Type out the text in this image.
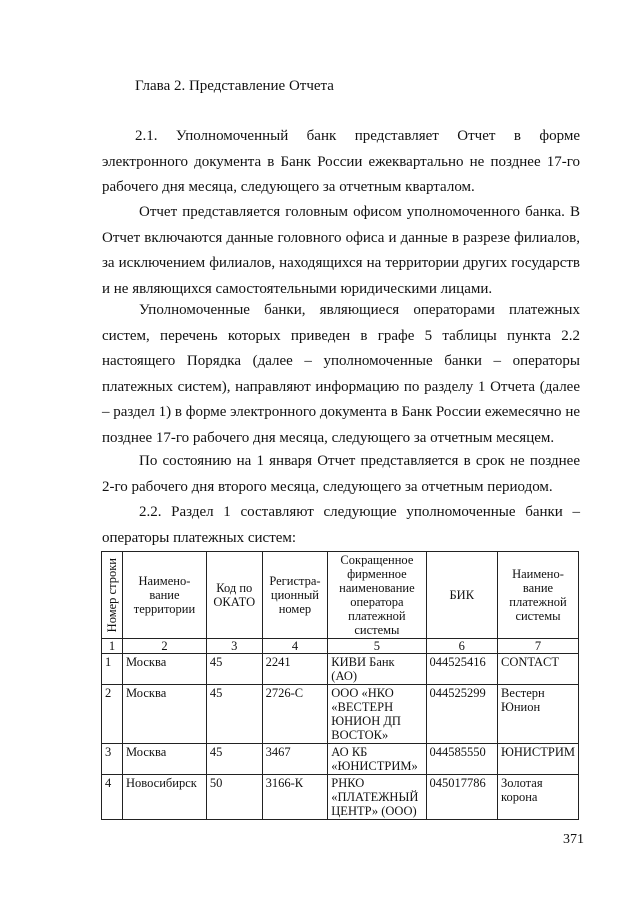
Глава 2. Представление Отчета

2.1. Уполномоченный банк представляет Отчет в форме электронного документа в Банк России ежеквартально не позднее 17-го рабочего дня месяца, следующего за отчетным кварталом.

Отчет представляется головным офисом уполномоченного банка. В Отчет включаются данные головного офиса и данные в разрезе филиалов, за исключением филиалов, находящихся на территории других государств и не являющихся самостоятельными юридическими лицами.

Уполномоченные банки, являющиеся операторами платежных систем, перечень которых приведен в графе 5 таблицы пункта 2.2 настоящего Порядка (далее – уполномоченные банки – операторы платежных систем), направляют информацию по разделу 1 Отчета (далее – раздел 1) в форме электронного документа в Банк России ежемесячно не позднее 17-го рабочего дня месяца, следующего за отчетным месяцем.

По состоянию на 1 января Отчет представляется в срок не позднее 2-го рабочего дня второго месяца, следующего за отчетным периодом.

2.2. Раздел 1 составляют следующие уполномоченные банки – операторы платежных систем:

Номер строки	Наимено-вание территории	Код по ОКАТО	Регистра-ционный номер	Сокращенное фирменное наименование оператора платежной системы	БИК	Наимено-вание платежной системы
1	2	3	4	5	6	7
1	Москва	45	2241	КИВИ Банк (АО)	044525416	CONTACT
2	Москва	45	2726-С	ООО «НКО «ВЕСТЕРН ЮНИОН ДП ВОСТОК»	044525299	Вестерн Юнион
3	Москва	45	3467	АО КБ «ЮНИСТРИМ»	044585550	ЮНИСТРИМ
4	Новосибирск	50	3166-К	РНКО «ПЛАТЕЖНЫЙ ЦЕНТР» (ООО)	045017786	Золотая корона
371
